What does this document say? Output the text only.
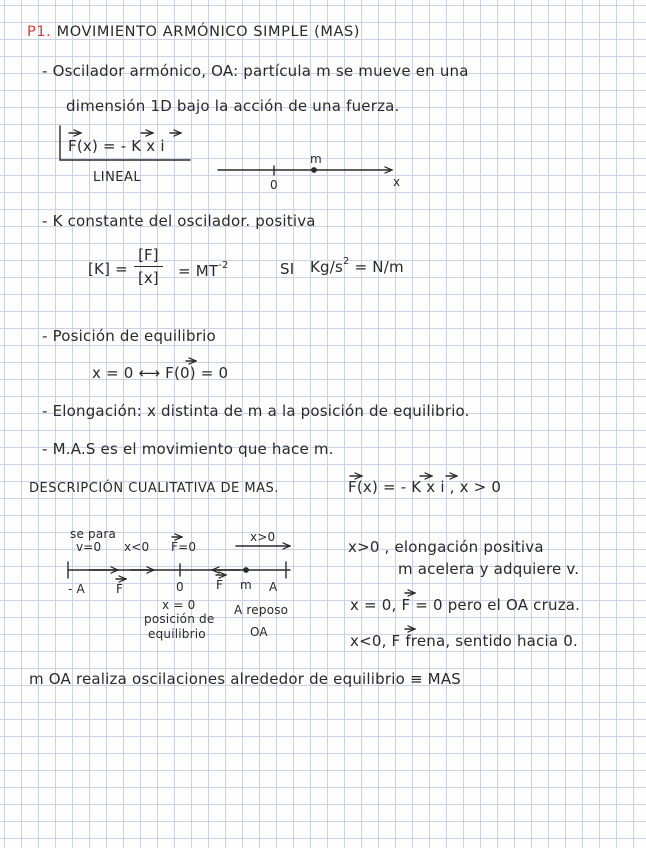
P1. MOVIMIENTO ARMÓNICO SIMPLE (MAS)
- Oscilador armónico, OA: partícula m se mueve en una
dimensión 1D bajo la acción de una fuerza.
F(x) = - K x i
LINEAL
m
0	x
- K constante del oscilador. positiva
[K] =
[F]
$[x] = MT^{-2}$	SI $Kg/s^2 = N/m$
- Posición de equilibrio
x = 0 ⟷ F(0) = 0
- Elongación: x distinta de m a la posición de equilibrio.
- M.A.S es el movimiento que hace m.
DESCRIPCIÓN CUALITATIVA DE MAS.	F(x) = - K x i , x > 0
se para
v=0 x<0 F=0
x>0
- A	F	0	F m A
x = 0
posición de
equilibrio
A reposo
OA
x>0 , elongación positiva
m acelera y adquiere v.
x = 0, F = 0 pero el OA cruza.
x<0, F frena, sentido hacia 0.
m OA realiza oscilaciones alrededor de equilibrio ≡ MAS
